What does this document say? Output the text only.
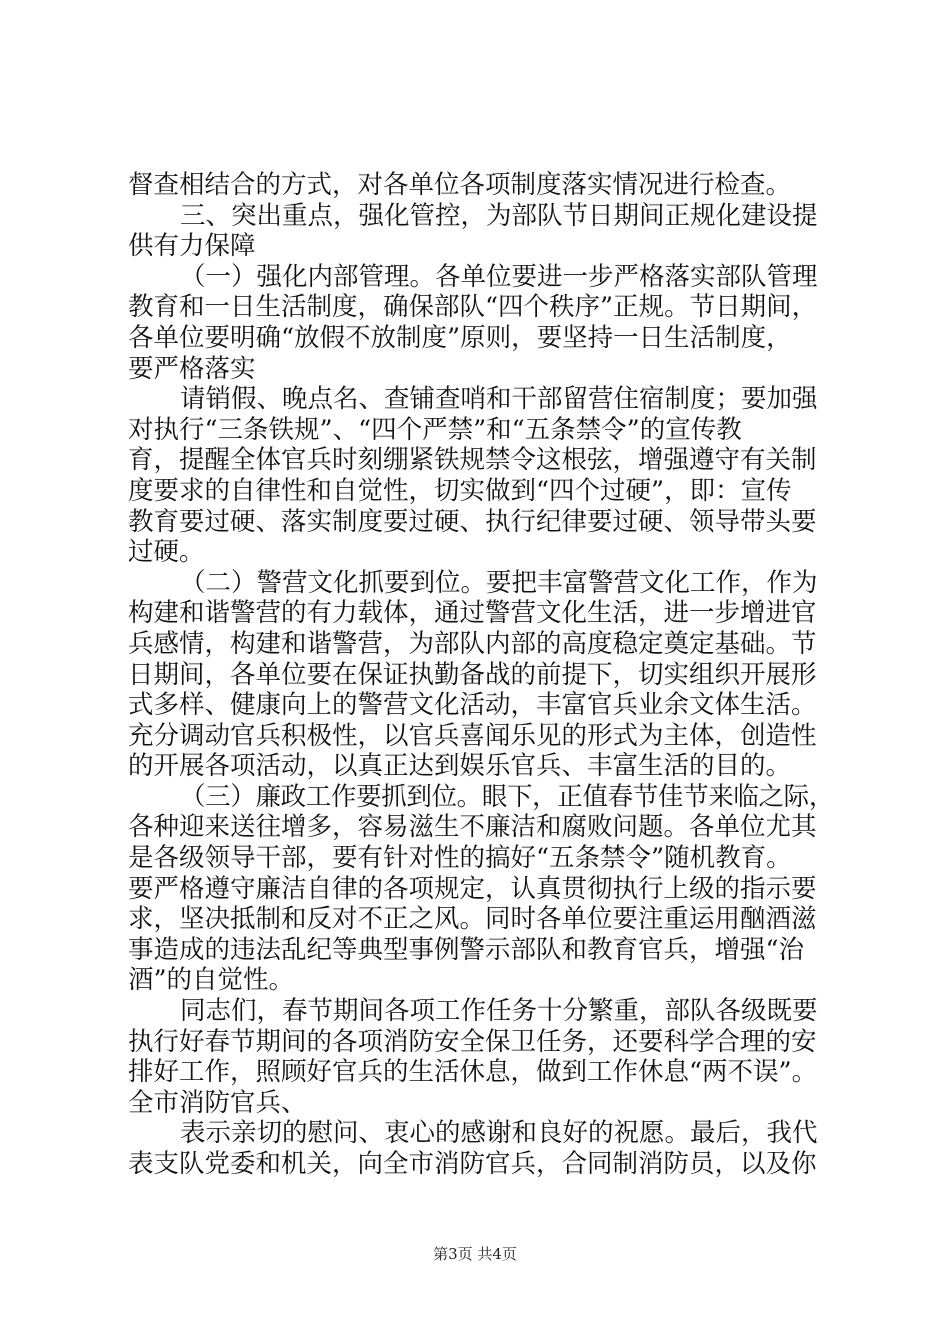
督查相结合的方式，对各单位各项制度落实情况进行检查。
三、突出重点，强化管控，为部队节日期间正规化建设提
供有力保障
（一）强化内部管理。各单位要进一步严格落实部队管理
教育和一日生活制度，确保部队“四个秩序”正规。节日期间，
各单位要明确“放假不放制度”原则，要坚持一日生活制度，
要严格落实
请销假、晚点名、查铺查哨和干部留营住宿制度；要加强
对执行“三条铁规”、“四个严禁”和“五条禁令”的宣传教
育，提醒全体官兵时刻绷紧铁规禁令这根弦，增强遵守有关制
度要求的自律性和自觉性，切实做到“四个过硬”，即：宣传
教育要过硬、落实制度要过硬、执行纪律要过硬、领导带头要
过硬。
（二）警营文化抓要到位。要把丰富警营文化工作，作为
构建和谐警营的有力载体，通过警营文化生活，进一步增进官
兵感情，构建和谐警营，为部队内部的高度稳定奠定基础。节
日期间，各单位要在保证执勤备战的前提下，切实组织开展形
式多样、健康向上的警营文化活动，丰富官兵业余文体生活。
充分调动官兵积极性，以官兵喜闻乐见的形式为主体，创造性
的开展各项活动，以真正达到娱乐官兵、丰富生活的目的。
（三）廉政工作要抓到位。眼下，正值春节佳节来临之际，
各种迎来送往增多，容易滋生不廉洁和腐败问题。各单位尤其
是各级领导干部，要有针对性的搞好“五条禁令”随机教育。
要严格遵守廉洁自律的各项规定，认真贯彻执行上级的指示要
求，坚决抵制和反对不正之风。同时各单位要注重运用酗酒滋
事造成的违法乱纪等典型事例警示部队和教育官兵，增强“治
酒”的自觉性。
同志们，春节期间各项工作任务十分繁重，部队各级既要
执行好春节期间的各项消防安全保卫任务，还要科学合理的安
排好工作，照顾好官兵的生活休息，做到工作休息“两不误”。
全市消防官兵、
表示亲切的慰问、衷心的感谢和良好的祝愿。最后，我代
表支队党委和机关，向全市消防官兵，合同制消防员，以及你
第3页 共4页
